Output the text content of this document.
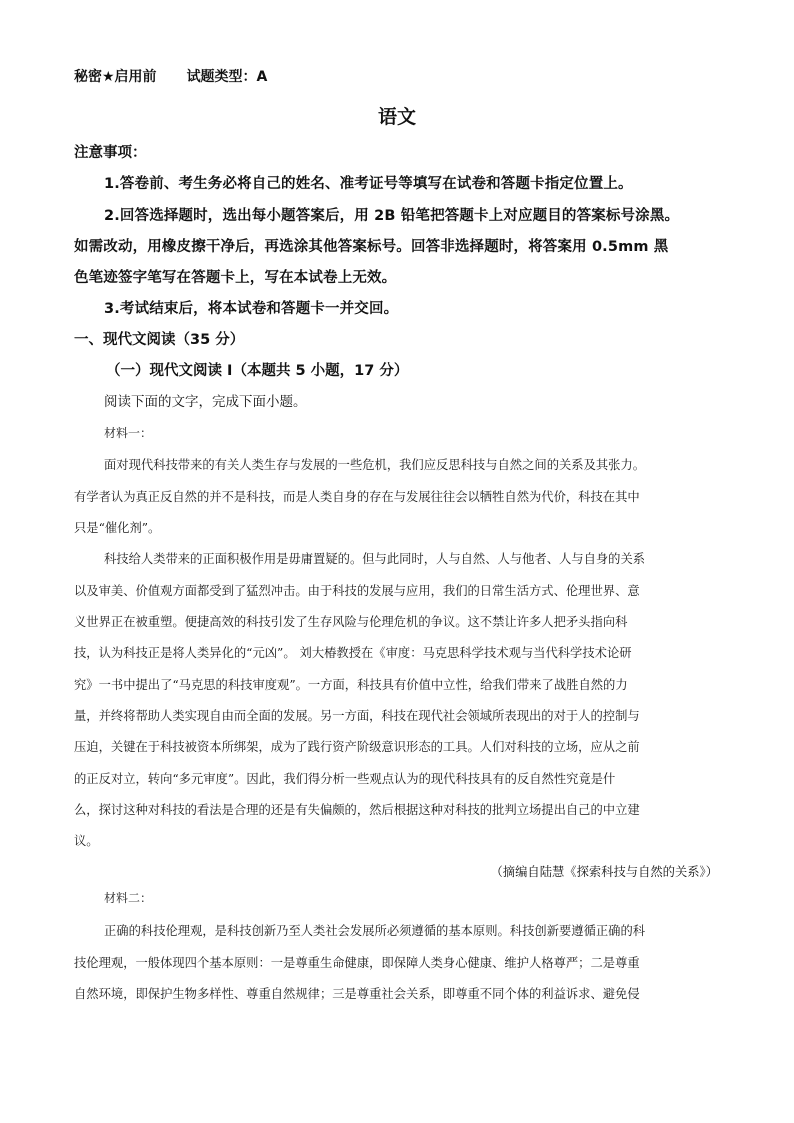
秘密★启用前 试题类型：A
语文
注意事项：
1.答卷前、考生务必将自己的姓名、准考证号等填写在试卷和答题卡指定位置上。
2.回答选择题时，选出每小题答案后，用 2B 铅笔把答题卡上对应题目的答案标号涂黑。
如需改动，用橡皮擦干净后，再选涂其他答案标号。回答非选择题时，将答案用 0.5mm 黑
色笔迹签字笔写在答题卡上，写在本试卷上无效。
3.考试结束后，将本试卷和答题卡一并交回。
一、现代文阅读（35 分）
（一）现代文阅读 I（本题共 5 小题，17 分）
阅读下面的文字，完成下面小题。
材料一：
面对现代科技带来的有关人类生存与发展的一些危机，我们应反思科技与自然之间的关系及其张力。
有学者认为真正反自然的并不是科技，而是人类自身的存在与发展往往会以牺牲自然为代价，科技在其中
只是“催化剂”。
科技给人类带来的正面积极作用是毋庸置疑的。但与此同时，人与自然、人与他者、人与自身的关系
以及审美、价值观方面都受到了猛烈冲击。由于科技的发展与应用，我们的日常生活方式、伦理世界、意
义世界正在被重塑。便捷高效的科技引发了生存风险与伦理危机的争议。这不禁让许多人把矛头指向科
技，认为科技正是将人类异化的“元凶”。 刘大椿教授在《审度：马克思科学技术观与当代科学技术论研
究》一书中提出了“马克思的科技审度观”。一方面，科技具有价值中立性，给我们带来了战胜自然的力
量，并终将帮助人类实现自由而全面的发展。另一方面，科技在现代社会领域所表现出的对于人的控制与
压迫，关键在于科技被资本所绑架，成为了践行资产阶级意识形态的工具。人们对科技的立场，应从之前
的正反对立，转向“多元审度”。因此，我们得分析一些观点认为的现代科技具有的反自然性究竟是什
么，探讨这种对科技的看法是合理的还是有失偏颇的，然后根据这种对科技的批判立场提出自己的中立建
议。
（摘编自陆慧《探索科技与自然的关系》）
材料二：
正确的科技伦理观，是科技创新乃至人类社会发展所必须遵循的基本原则。科技创新要遵循正确的科
技伦理观，一般体现四个基本原则：一是尊重生命健康，即保障人类身心健康、维护人格尊严；二是尊重
自然环境，即保护生物多样性、尊重自然规律；三是尊重社会关系，即尊重不同个体的利益诉求、避免侵
